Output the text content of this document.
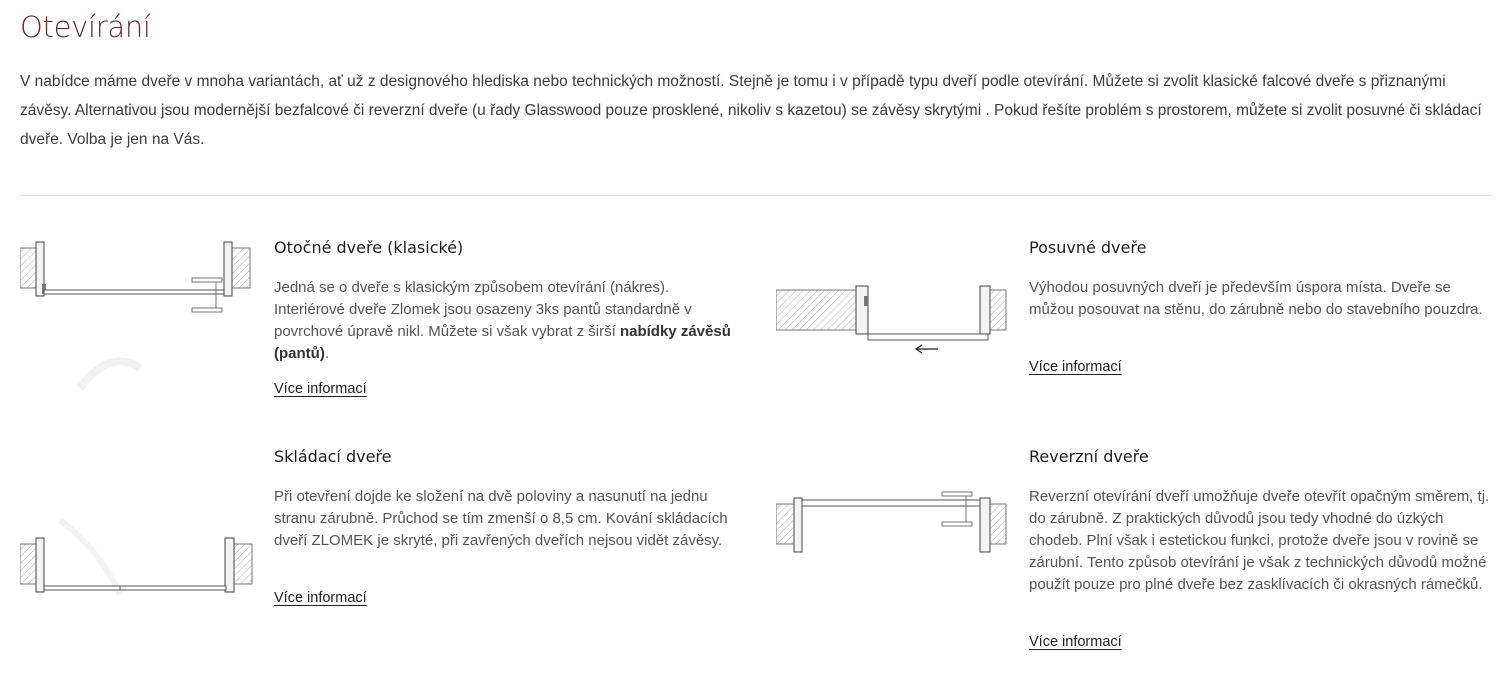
Otevírání

V nabídce máme dveře v mnoha variantách, ať už z designového hlediska nebo technických možností. Stejně je tomu i v případě typu dveří podle otevírání. Můžete si zvolit klasické falcové dveře s přiznanými závěsy. Alternativou jsou modernější bezfalcové či reverzní dveře (u řady Glasswood pouze prosklené, nikoliv s kazetou) se závěsy skrytými . Pokud řešíte problém s prostorem, můžete si zvolit posuvné či skládací dveře. Volba je jen na Vás.

Otočné dveře (klasické)

Jedná se o dveře s klasickým způsobem otevírání (nákres). Interiérové dveře Zlomek jsou osazeny 3ks pantů standardně v povrchové úpravě nikl. Můžete si však vybrat z širší nabídky závěsů (pantů).

Více informací
Posuvné dveře

Výhodou posuvných dveří je především úspora místa. Dveře se můžou posouvat na stěnu, do zárubně nebo do stavebního pouzdra.

Více informací
Skládací dveře

Při otevření dojde ke složení na dvě poloviny a nasunutí na jednu stranu zárubně. Průchod se tím zmenší o 8,5 cm. Kování skládacích dveří ZLOMEK je skryté, při zavřených dveřích nejsou vidět závěsy.

Více informací
Reverzní dveře

Reverzní otevírání dveří umožňuje dveře otevřít opačným směrem, tj. do zárubně. Z praktických důvodů jsou tedy vhodné do úzkých chodeb. Plní však i estetickou funkci, protože dveře jsou v rovině se zárubní. Tento způsob otevírání je však z technických důvodů možné použít pouze pro plné dveře bez zasklívacích či okrasných rámečků.

Více informací
